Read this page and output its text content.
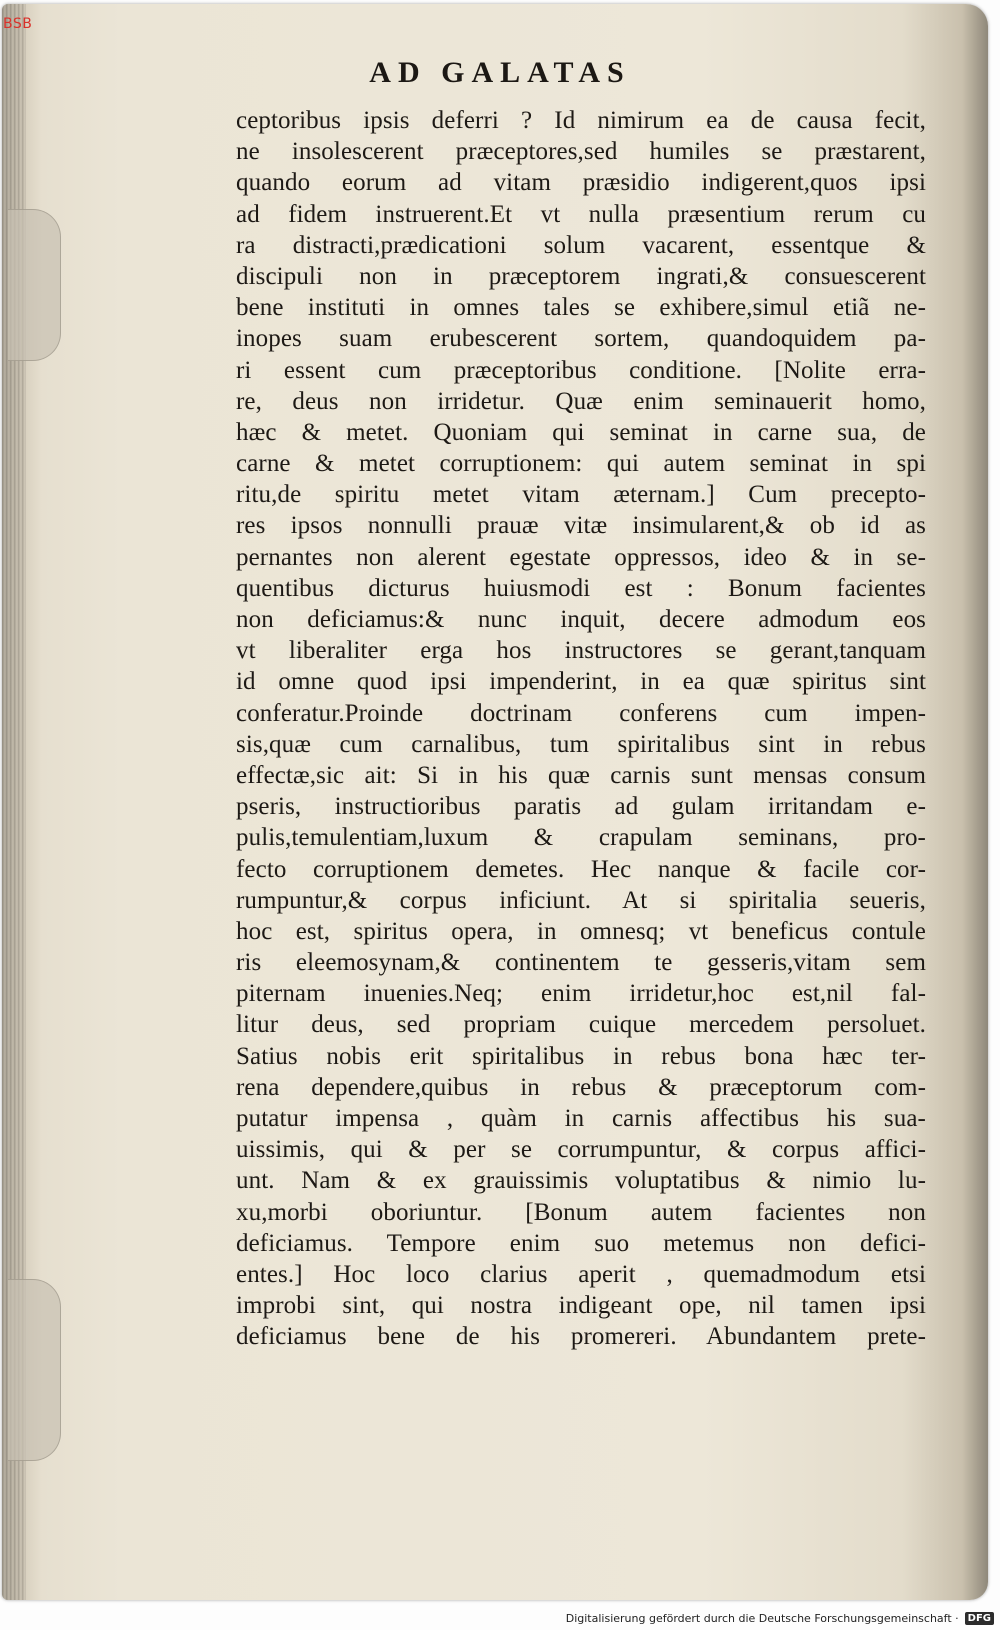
BSB
AD GALATAS
ceptoribus ipsis deferri ? Id nimirum ea de causa fecit,
ne insolescerent præceptores,sed humiles se præstarent,
quando eorum ad vitam præsidio indigerent,quos ipsi
ad fidem instruerent.Et vt nulla præsentium rerum cu
ra distracti,prædicationi solum vacarent, essentque &
discipuli non in præceptorem ingrati,& consuescerent
bene instituti in omnes tales se exhibere,simul etiã ne-
inopes suam erubescerent sortem, quandoquidem pa-
ri essent cum præceptoribus conditione. [Nolite erra-
re, deus non irridetur. Quæ enim seminauerit homo,
hæc & metet. Quoniam qui seminat in carne sua, de
carne & metet corruptionem: qui autem seminat in spi
ritu,de spiritu metet vitam æternam.] Cum precepto-
res ipsos nonnulli prauæ vitæ insimularent,& ob id as
pernantes non alerent egestate oppressos, ideo & in se-
quentibus dicturus huiusmodi est : Bonum facientes
non deficiamus:& nunc inquit, decere admodum eos
vt liberaliter erga hos instructores se gerant,tanquam
id omne quod ipsi impenderint, in ea quæ spiritus sint
conferatur.Proinde doctrinam conferens cum impen-
sis,quæ cum carnalibus, tum spiritalibus sint in rebus
effectæ,sic ait: Si in his quæ carnis sunt mensas consum
pseris, instructioribus paratis ad gulam irritandam e-
pulis,temulentiam,luxum & crapulam seminans, pro-
fecto corruptionem demetes. Hec nanque & facile cor-
rumpuntur,& corpus inficiunt. At si spiritalia seueris,
hoc est, spiritus opera, in omnesq; vt beneficus contule
ris eleemosynam,& continentem te gesseris,vitam sem
piternam inuenies.Neq; enim irridetur,hoc est,nil fal-
litur deus, sed propriam cuique mercedem persoluet.
Satius nobis erit spiritalibus in rebus bona hæc ter-
rena dependere,quibus in rebus & præceptorum com-
putatur impensa , quàm in carnis affectibus his sua-
uissimis, qui & per se corrumpuntur, & corpus affici-
unt. Nam & ex grauissimis voluptatibus & nimio lu-
xu,morbi oboriuntur. [Bonum autem facientes non
deficiamus. Tempore enim suo metemus non defici-
entes.] Hoc loco clarius aperit , quemadmodum etsi
improbi sint, qui nostra indigeant ope, nil tamen ipsi
deficiamus bene de his promereri. Abundantem prete-
Digitalisierung gefördert durch die Deutsche Forschungsgemeinschaft · DFG
